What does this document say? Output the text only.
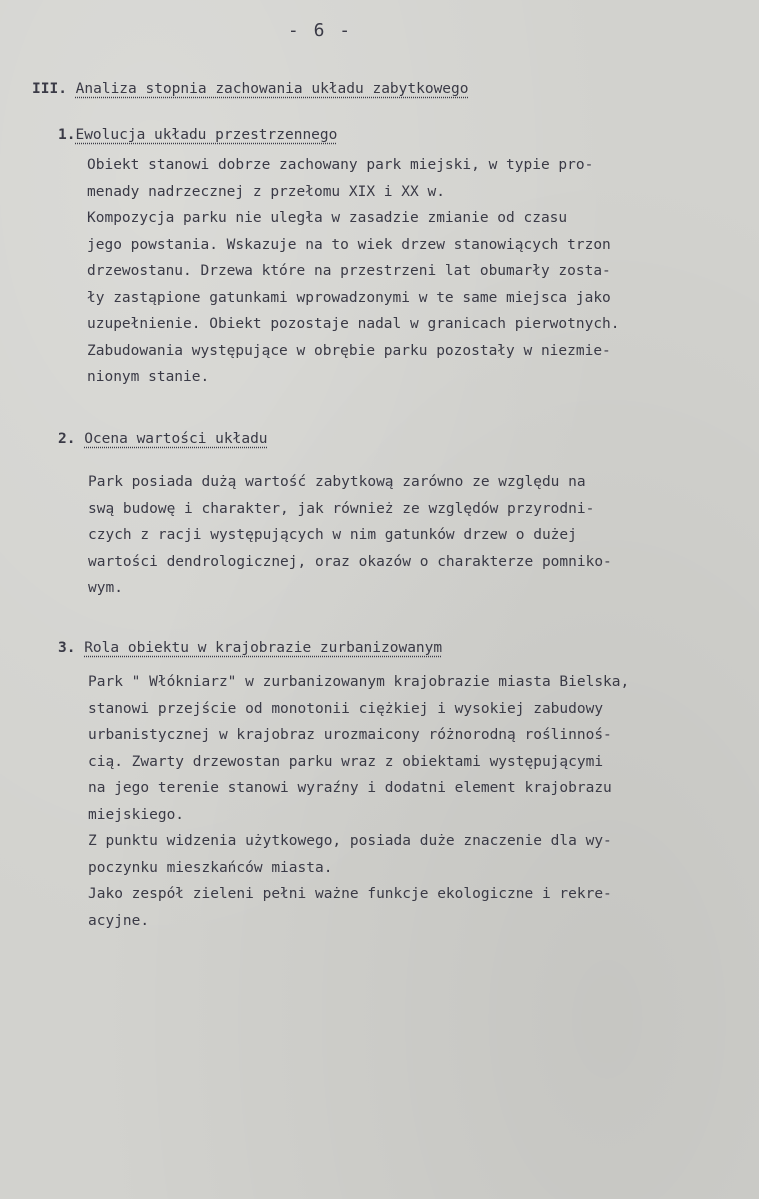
- 6 -
III. Analiza stopnia zachowania układu zabytkowego
1.Ewolucja układu przestrzennego
Obiekt stanowi dobrze zachowany park miejski, w typie pro-
menady nadrzecznej z przełomu XIX i XX w.
Kompozycja parku nie uległa w zasadzie zmianie od czasu
jego powstania. Wskazuje na to wiek drzew stanowiących trzon
drzewostanu. Drzewa które na przestrzeni lat obumarły zosta-
ły zastąpione gatunkami wprowadzonymi w te same miejsca jako
uzupełnienie. Obiekt pozostaje nadal w granicach pierwotnych.
Zabudowania występujące w obrębie parku pozostały w niezmie-
nionym stanie.
2. Ocena wartości układu
Park posiada dużą wartość zabytkową zarówno ze względu na
swą budowę i charakter, jak również ze względów przyrodni-
czych z racji występujących w nim gatunków drzew o dużej
wartości dendrologicznej, oraz okazów o charakterze pomniko-
wym.
3. Rola obiektu w krajobrazie zurbanizowanym
Park " Włókniarz" w zurbanizowanym krajobrazie miasta Bielska,
stanowi przejście od monotonii ciężkiej i wysokiej zabudowy
urbanistycznej w krajobraz urozmaicony różnorodną roślinnoś-
cią. Zwarty drzewostan parku wraz z obiektami występującymi
na jego terenie stanowi wyraźny i dodatni element krajobrazu
miejskiego.
Z punktu widzenia użytkowego, posiada duże znaczenie dla wy-
poczynku mieszkańców miasta.
Jako zespół zieleni pełni ważne funkcje ekologiczne i rekre-
acyjne.
